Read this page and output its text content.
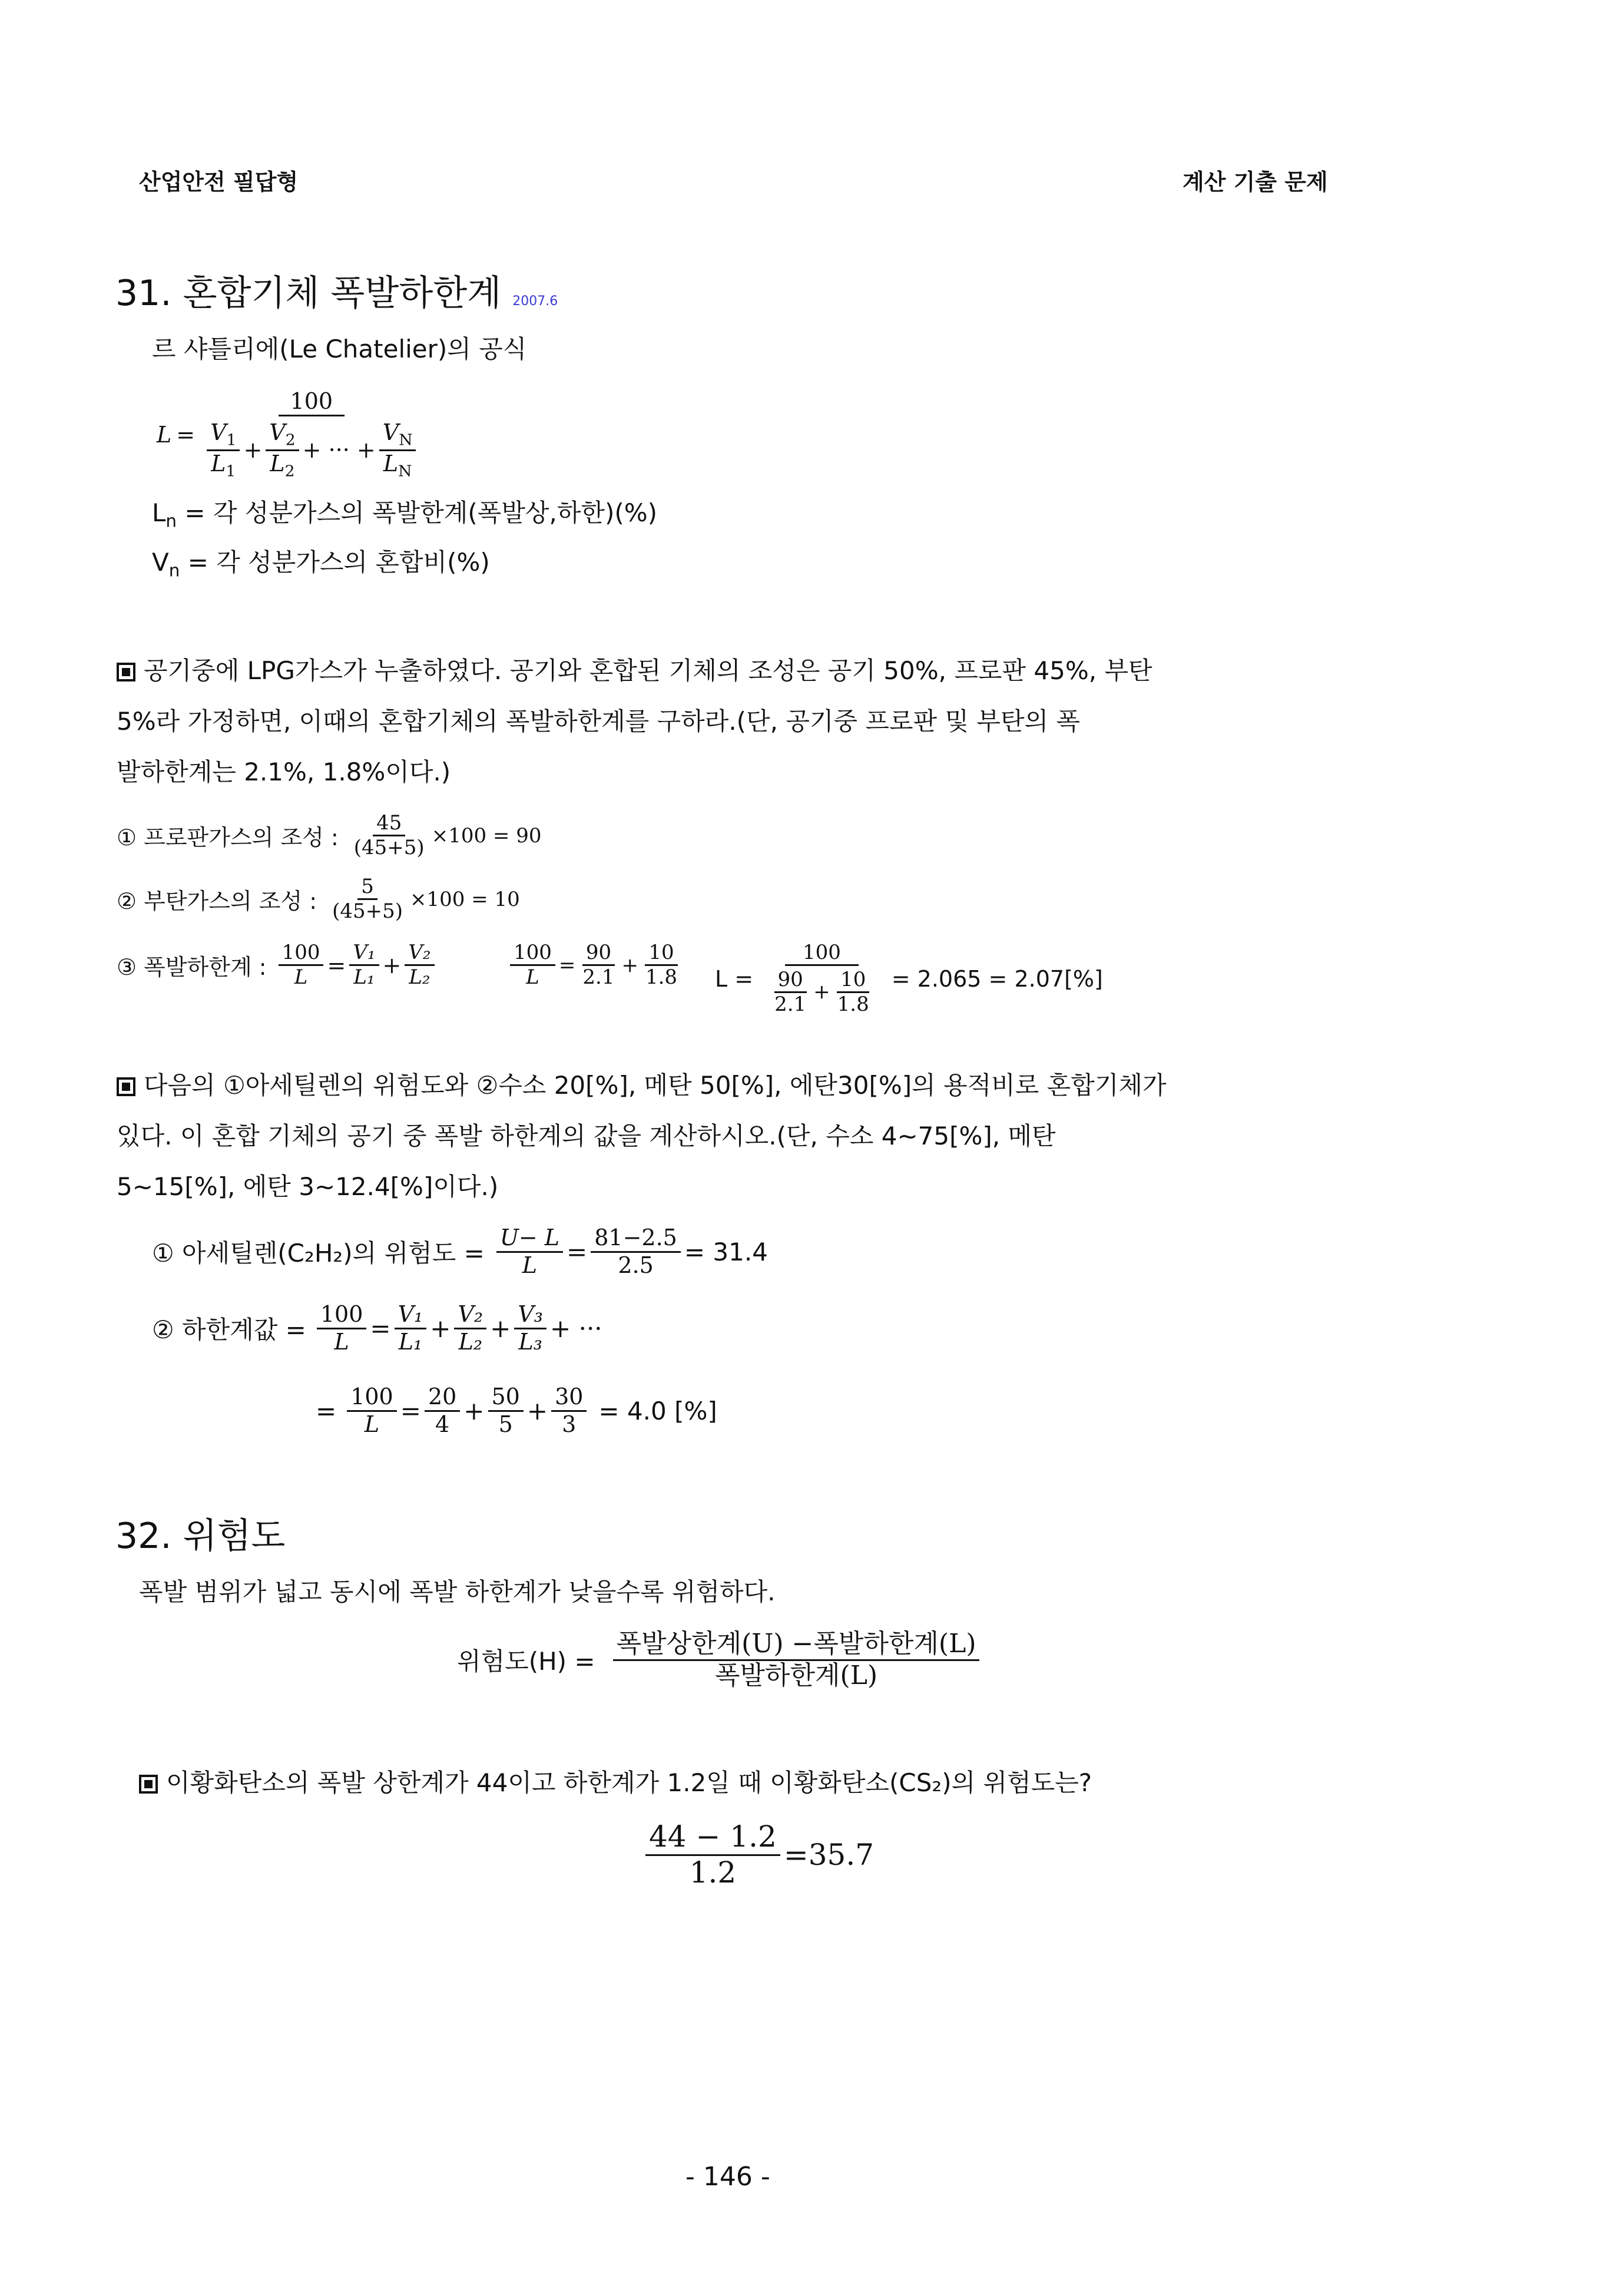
산업안전 필답형	계산 기출 문제
31. 혼합기체 폭발하한계 2007.6
르 샤틀리에(Le Chatelier)의 공식
$L = \frac{100}{\frac{V_1}{L_1} + \frac{V_2}{L_2} + \cdot\cdot\cdot + \frac{V_N}{L_N}}$
$L_n$ = 각 성분가스의 폭발한계(폭발상,하한)(%)
$V_n$ = 각 성분가스의 혼합비(%)
공기중에 LPG가스가 누출하였다. 공기와 혼합된 기체의 조성은 공기 50%, 프로판 45%, 부탄
5%라 가정하면, 이때의 혼합기체의 폭발하한계를 구하라.(단, 공기중 프로판 및 부탄의 폭
발하한계는 2.1%, 1.8%이다.)
① 프로판가스의 조성 : $\frac{45}{(45+5)} \times 100 = 90$
② 부탄가스의 조성 : $\frac{5}{(45+5)} \times 100 = 10$
③ 폭발하한계 : $\frac{100}{L} = \frac{\text{V₁}}{\text{L₁}} + \frac{\text{V₂}}{\text{L₂}}$	$\frac{100}{L} = \frac{90}{2.1} + \frac{10}{1.8}$ $L = \frac{100}{\frac{90}{2.1} + \frac{10}{1.8}} = 2.065 = 2.07[\%]$
다음의 ①아세틸렌의 위험도와 ②수소 20[%], 메탄 50[%], 에탄30[%]의 용적비로 혼합기체가
있다. 이 혼합 기체의 공기 중 폭발 하한계의 값을 계산하시오.(단, 수소 4~75[%], 메탄
5~15[%], 에탄 3~12.4[%]이다.)
① 아세틸렌(C₂H₂)의 위험도 = $\frac{U- L}{L} = \frac{81-2.5}{2.5} = 31.4$
② 하한계값 = $\frac{100}{L} = \frac{\text{V₁}}{\text{L₁}} + \frac{\text{V₂}}{\text{L₂}} + \frac{\text{V₃}}{\text{L₃}}$ + ···
= $\frac{100}{L} = \frac{20}{4} + \frac{50}{5} + \frac{30}{3} = 4.0$ [%]
32. 위험도
폭발 범위가 넓고 동시에 폭발 하한계가 낮을수록 위험하다.
위험도$(H) = \frac{\text{폭발상한계(U) −폭발하한계(L)}}{\text{폭발하한계(L)}}$
이황화탄소의 폭발 상한계가 44이고 하한계가 1.2일 때 이황화탄소(CS₂)의 위험도는?
$\frac{44 - 1.2}{1.2} =35.7$
- 146 -
